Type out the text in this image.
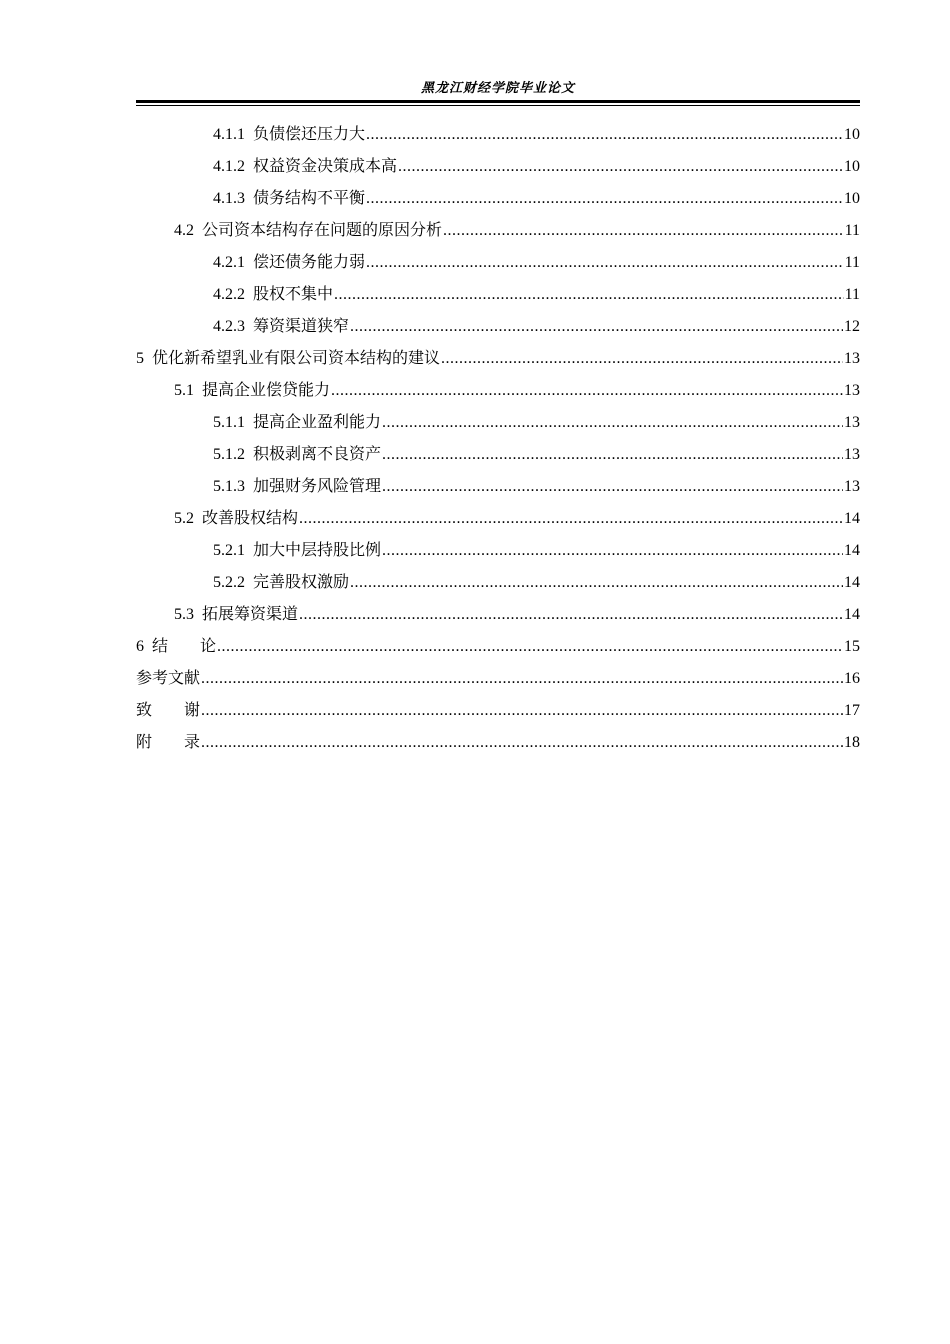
黑龙江财经学院毕业论文
4.1.1 负债偿还压力大 .....	10
4.1.2 权益资金决策成本高 .....	10
4.1.3 债务结构不平衡 .....	10
4.2 公司资本结构存在问题的原因分析 .....	11
4.2.1 偿还债务能力弱 .....	11
4.2.2 股权不集中 .....	11
4.2.3 筹资渠道狭窄 .....	12
5 优化新希望乳业有限公司资本结构的建议 .....	13
5.1 提高企业偿贷能力 .....	13
5.1.1 提高企业盈利能力 .....	13
5.1.2 积极剥离不良资产 .....	13
5.1.3 加强财务风险管理 .....	13
5.2 改善股权结构 .....	14
5.2.1 加大中层持股比例 .....	14
5.2.2 完善股权激励 .....	14
5.3 拓展筹资渠道 .....	14
6 结　　论 .....	15
参考文献 .....	16
致　　谢 .....	17
附　　录 .....	18
